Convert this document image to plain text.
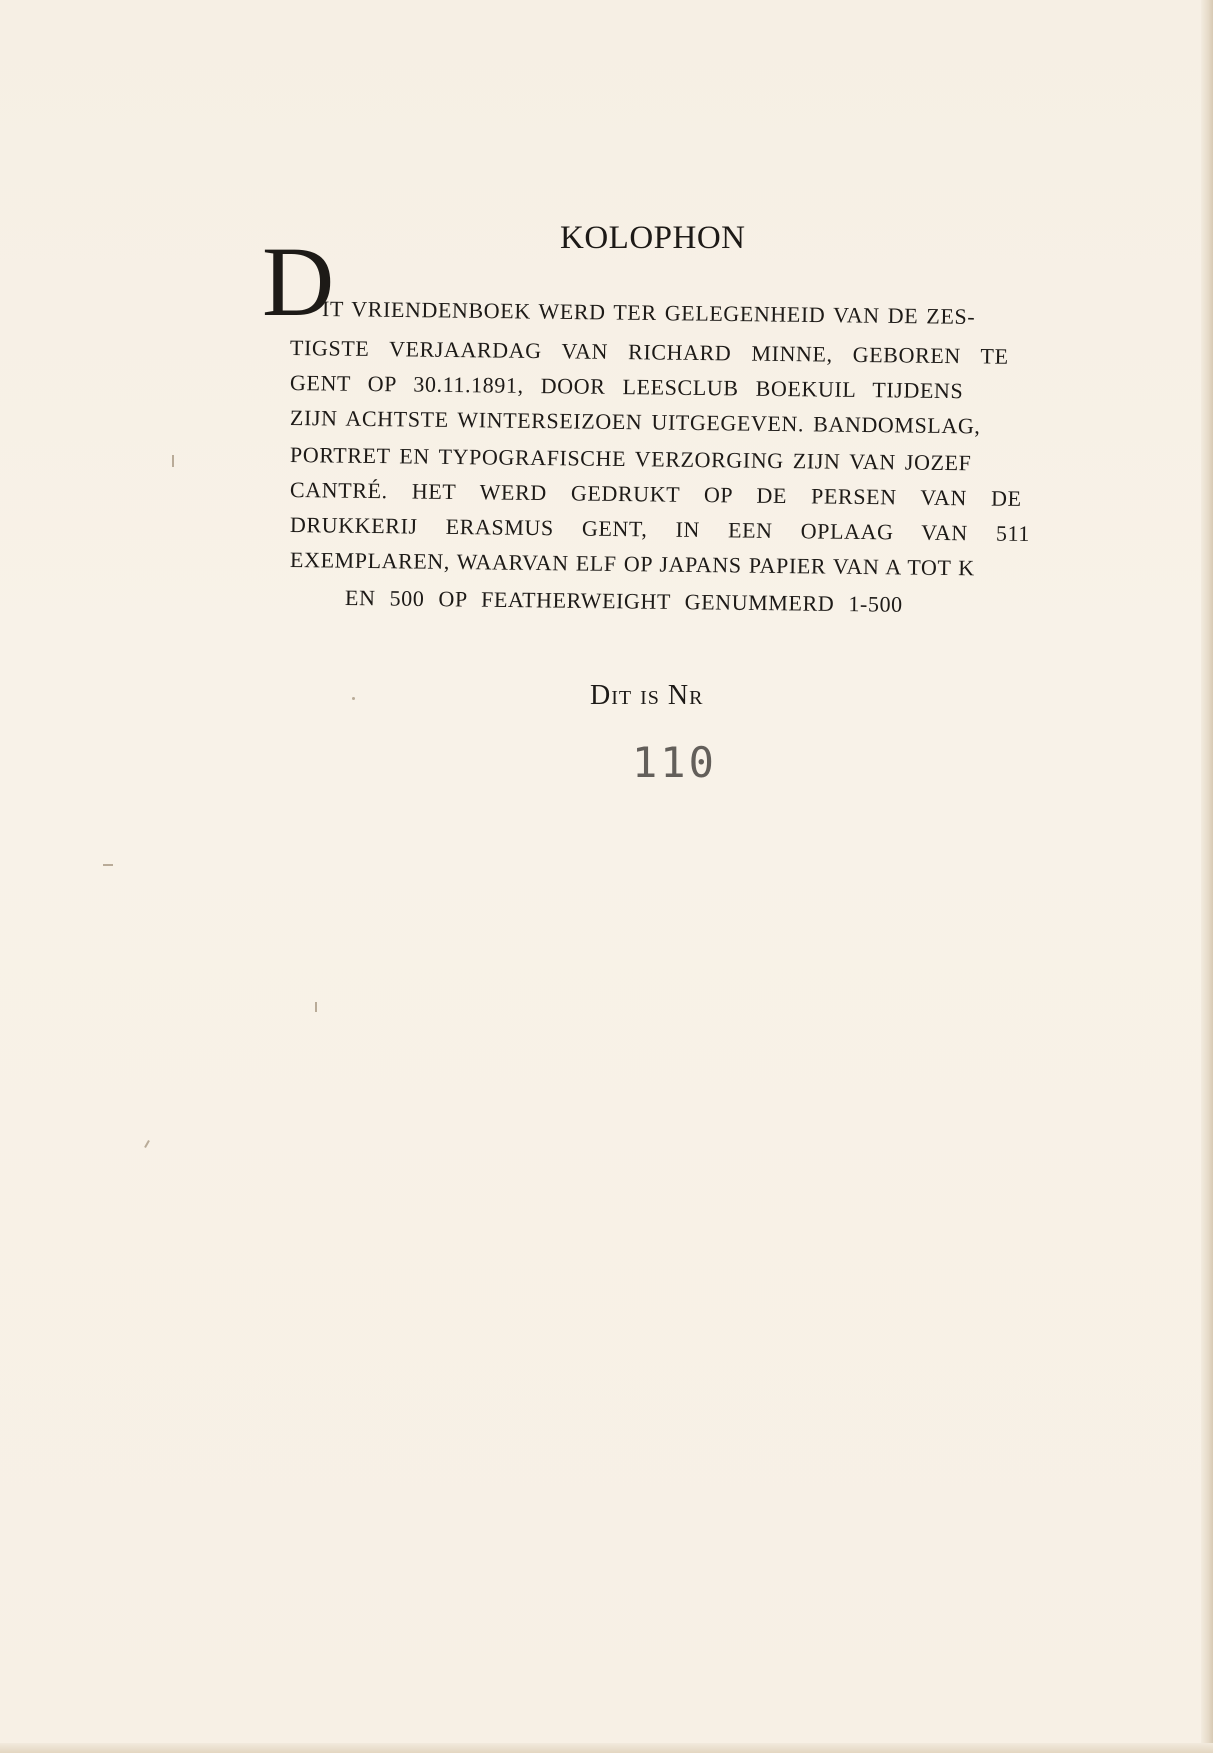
KOLOPHON
D
IT VRIENDENBOEK WERD TER GELEGENHEID VAN DE ZES-
TIGSTE VERJAARDAG VAN RICHARD MINNE, GEBOREN TE
GENT OP 30.11.1891, DOOR LEESCLUB BOEKUIL TIJDENS
ZIJN ACHTSTE WINTERSEIZOEN UITGEGEVEN. BANDOMSLAG,
PORTRET EN TYPOGRAFISCHE VERZORGING ZIJN VAN JOZEF
CANTRÉ. HET WERD GEDRUKT OP DE PERSEN VAN DE
DRUKKERIJ ERASMUS GENT, IN EEN OPLAAG VAN 511
EXEMPLAREN, WAARVAN ELF OP JAPANS PAPIER VAN A TOT K
EN 500 OP FEATHERWEIGHT GENUMMERD 1-500
Dit is Nr
110
